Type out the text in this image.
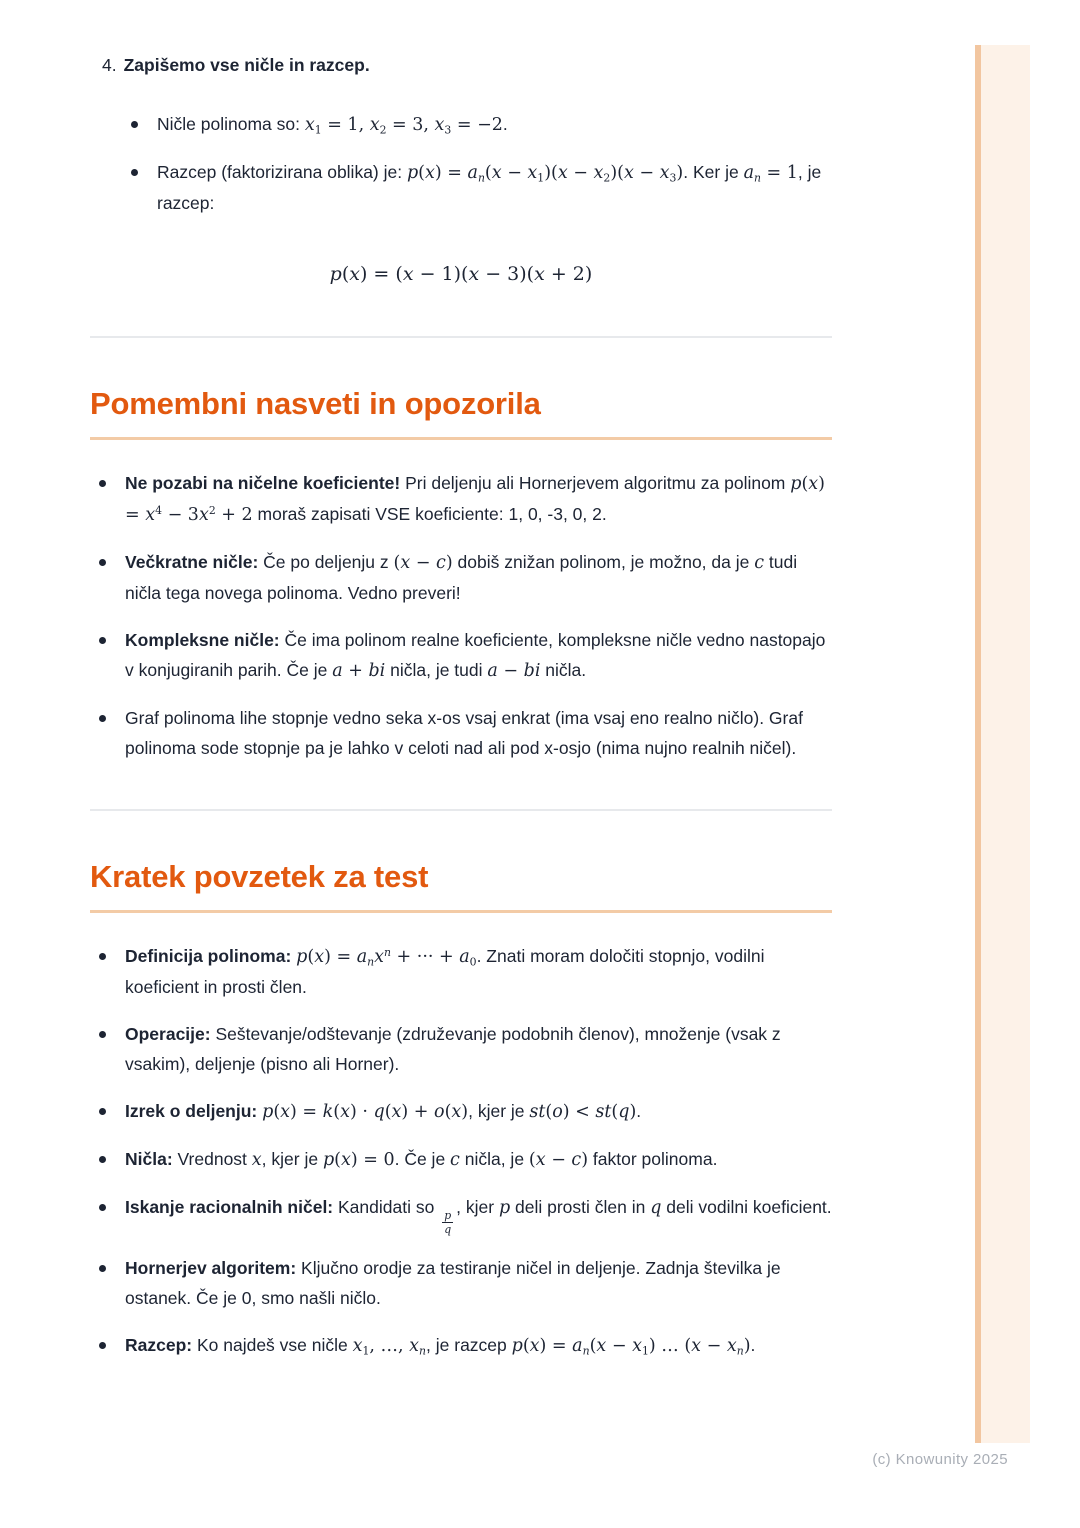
4. Zapišemo vse ničle in razcep.
Ničle polinoma so: $x_1 = 1$, $x_2 = 3$, $x_3 = -2$.
Razcep (faktorizirana oblika) je: $p(x) = a_n(x - x_1)(x - x_2)(x - x_3)$. Ker je $a_n = 1$, je razcep:
p(x) = (x − 1)(x − 3)(x + 2)
Pomembni nasveti in opozorila
Ne pozabi na ničelne koeficiente! Pri deljenju ali Hornerjevem algoritmu za polinom $p(x) = x^4 - 3x^2 + 2$ moraš zapisati VSE koeficiente: 1, 0, -3, 0, 2.
Večkratne ničle: Če po deljenju z (x − c) dobiš znižan polinom, je možno, da je c tudi ničla tega novega polinoma. Vedno preveri!
Kompleksne ničle: Če ima polinom realne koeficiente, kompleksne ničle vedno nastopajo v konjugiranih parih. Če je a + bi ničla, je tudi a − bi ničla.
Graf polinoma lihe stopnje vedno seka x-os vsaj enkrat (ima vsaj eno realno ničlo). Graf polinoma sode stopnje pa je lahko v celoti nad ali pod x-osjo (nima nujno realnih ničel).
Kratek povzetek za test
Definicija polinoma: $p(x) = a_nx^n$ + ··· + $a_0$. Znati moram določiti stopnjo, vodilni koeficient in prosti člen.
Operacije: Seštevanje/odštevanje (združevanje podobnih členov), množenje (vsak z vsakim), deljenje (pisno ali Horner).
Izrek o deljenju: p(x) = k(x) · q(x) + o(x), kjer je st(o) < st(q).
Ničla: Vrednost x, kjer je p(x) = 0. Če je c ničla, je (x − c) faktor polinoma.
Iskanje racionalnih ničel: Kandidati so
$\frac{p}{q}$
, kjer p deli prosti člen in q deli vodilni koeficient.
Hornerjev algoritem: Ključno orodje za testiranje ničel in deljenje. Zadnja številka je ostanek. Če je 0, smo našli ničlo.
Razcep: Ko najdeš vse ničle $x_1$, …, $x_n$, je razcep $p(x) = a_n(x - x_1)$ … $(x - x_n)$.
(c) Knowunity 2025
